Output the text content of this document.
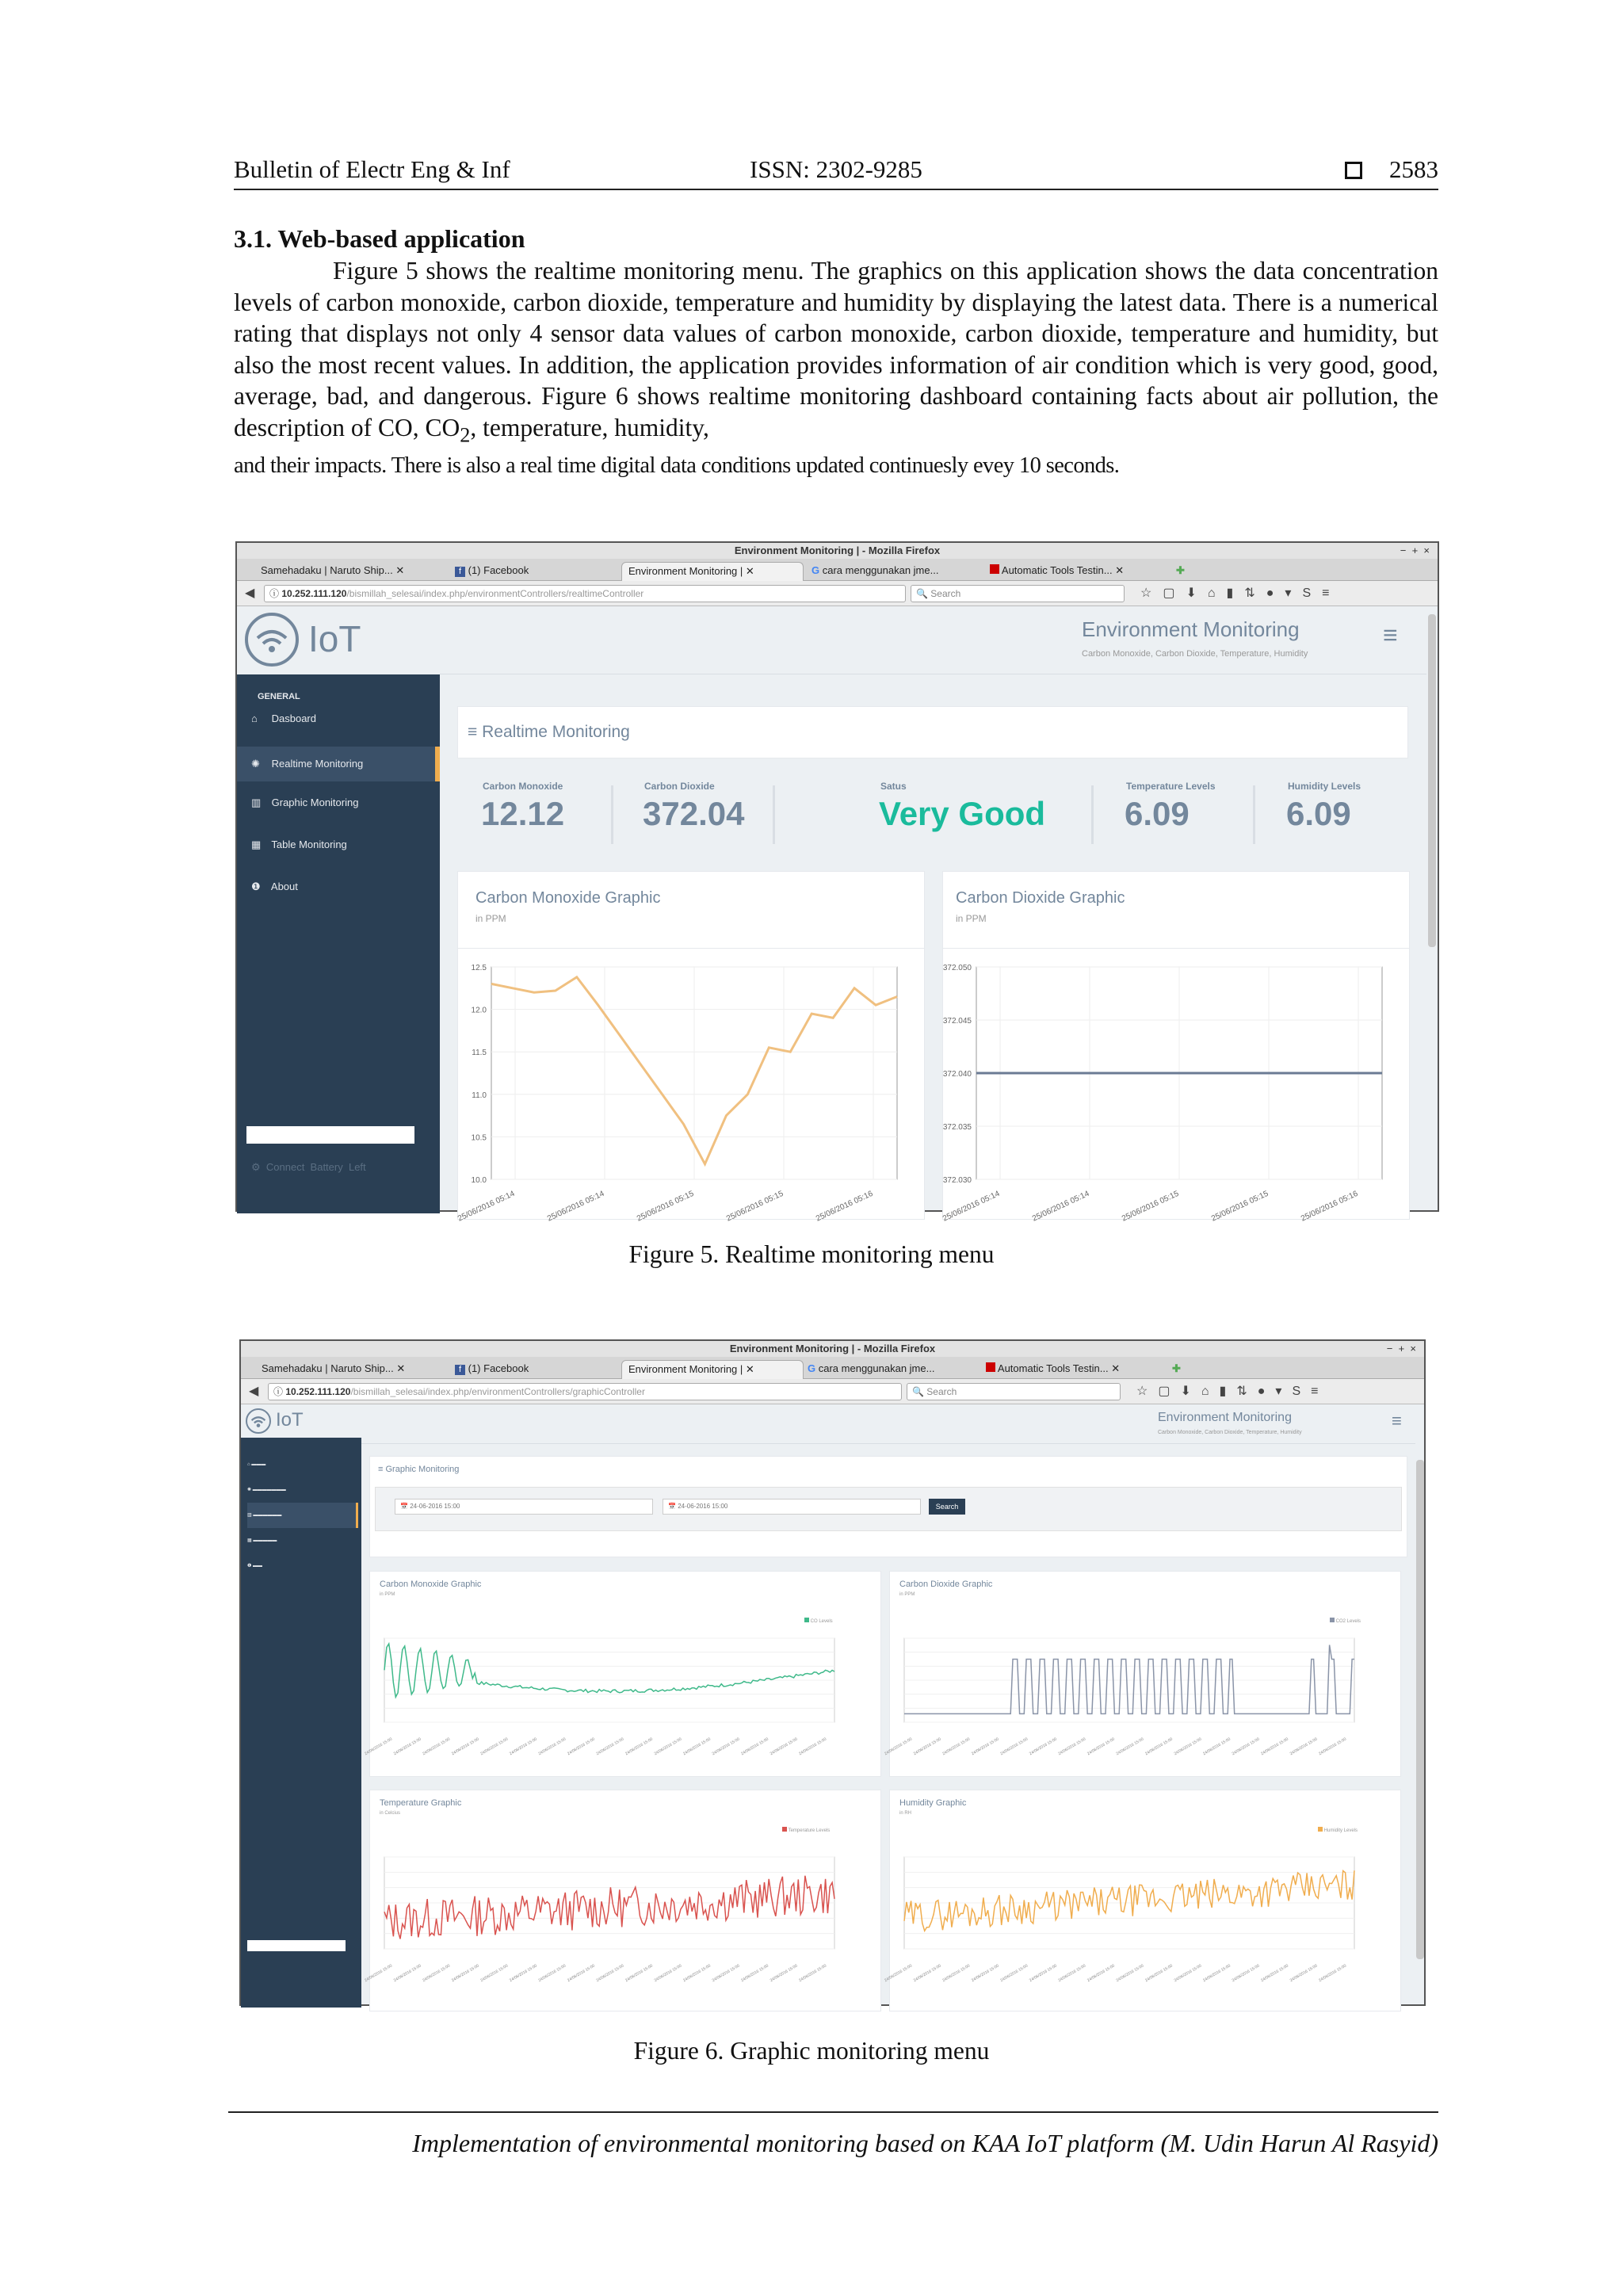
Bulletin of Electr Eng & Inf	ISSN: 2302-9285	2583
3.1. Web-based application

Figure 5 shows the realtime monitoring menu. The graphics on this application shows the data concentration levels of carbon monoxide, carbon dioxide, temperature and humidity by displaying the latest data. There is a numerical rating that displays not only 4 sensor data values of carbon monoxide, carbon dioxide, temperature and humidity, but also the most recent values. In addition, the application provides information of air condition which is very good, good, average, bad, and dangerous. Figure 6 shows realtime monitoring dashboard containing facts about air pollution, the description of CO, $CO_2$, temperature, humidity,

and their impacts. There is also a real time digital data conditions updated continuesly evey 10 seconds.

Environment Monitoring | - Mozilla Firefox	−  +  ×
Samehadaku | Naruto Ship... ✕	f (1) Facebook	Environment Monitoring | ✕	G cara menggunakan jme...	Automatic Tools Testin... ✕	✚
◀	ⓘ 10.252.111.120/bismillah_selesai/index.php/environmentControllers/realtimeController	🔍 Search	☆▢⬇⌂▮⇅●▾S≡
IoT
GENERAL
⌂ Dasboard
✺ Realtime Monitoring
▥ Graphic Monitoring
▦ Table Monitoring
❶ About
⚙  Connect Battery Left
Environment Monitoring
Carbon Monoxide, Carbon Dioxide, Temperature, Humidity
≡
≡ Realtime Monitoring
Carbon Monoxide
12.12
Carbon Dioxide
372.04
Satus
Very Good
Temperature Levels
6.09
Humidity Levels
6.09
Carbon Monoxide Graphic
in PPM
12.5
12.0
11.5
11.0
10.5
10.0
25/06/2016 05:14	25/06/2016 05:14	25/06/2016 05:15	25/06/2016 05:15	25/06/2016 05:16
Carbon Dioxide Graphic
in PPM
372.050
372.045
372.040
372.035
372.030
25/06/2016 05:14	25/06/2016 05:14	25/06/2016 05:15	25/06/2016 05:15	25/06/2016 05:16
Figure 5. Realtime monitoring menu
Environment Monitoring | - Mozilla Firefox	−  +  ×
Samehadaku | Naruto Ship... ✕	f (1) Facebook	Environment Monitoring | ✕	G cara menggunakan jme...	Automatic Tools Testin... ✕	✚
◀	ⓘ 10.252.111.120/bismillah_selesai/index.php/environmentControllers/graphicController	🔍 Search	☆▢⬇⌂▮⇅●▾S≡
IoT
⌂ ▬▬▬
✺ ▬▬▬▬▬▬▬
▥ ▬▬▬▬▬▬
▦ ▬▬▬▬▬
❶ ▬▬
Environment Monitoring
Carbon Monoxide, Carbon Dioxide, Temperature, Humidity
≡
≡ Graphic Monitoring
📅 24-06-2016 15:00	📅 24-06-2016 15:00	Search
Carbon Monoxide Graphic
in PPM
CO Levels
24/06/2016 15:00 24/06/2016 15:00 24/06/2016 15:00 24/06/2016 15:00 24/06/2016 15:00 24/06/2016 15:00 24/06/2016 15:00 24/06/2016 15:00 24/06/2016 15:00 24/06/2016 15:00 24/06/2016 15:00 24/06/2016 15:00 24/06/2016 15:00 24/06/2016 15:00 24/06/2016 15:00 24/06/2016 15:00
Carbon Dioxide Graphic
in PPM
CO2 Levels
24/06/2016 15:00 24/06/2016 15:00 24/06/2016 15:00 24/06/2016 15:00 24/06/2016 15:00 24/06/2016 15:00 24/06/2016 15:00 24/06/2016 15:00 24/06/2016 15:00 24/06/2016 15:00 24/06/2016 15:00 24/06/2016 15:00 24/06/2016 15:00 24/06/2016 15:00 24/06/2016 15:00 24/06/2016 15:00
Temperature Graphic
in Celcius
Temperature Levels
24/06/2016 15:00 24/06/2016 15:00 24/06/2016 15:00 24/06/2016 15:00 24/06/2016 15:00 24/06/2016 15:00 24/06/2016 15:00 24/06/2016 15:00 24/06/2016 15:00 24/06/2016 15:00 24/06/2016 15:00 24/06/2016 15:00 24/06/2016 15:00 24/06/2016 15:00 24/06/2016 15:00 24/06/2016 15:00
Humidity Graphic
in RH
Humidity Levels
24/06/2016 15:00 24/06/2016 15:00 24/06/2016 15:00 24/06/2016 15:00 24/06/2016 15:00 24/06/2016 15:00 24/06/2016 15:00 24/06/2016 15:00 24/06/2016 15:00 24/06/2016 15:00 24/06/2016 15:00 24/06/2016 15:00 24/06/2016 15:00 24/06/2016 15:00 24/06/2016 15:00 24/06/2016 15:00
Figure 6. Graphic monitoring menu
Implementation of environmental monitoring based on KAA IoT platform (M. Udin Harun Al Rasyid)
